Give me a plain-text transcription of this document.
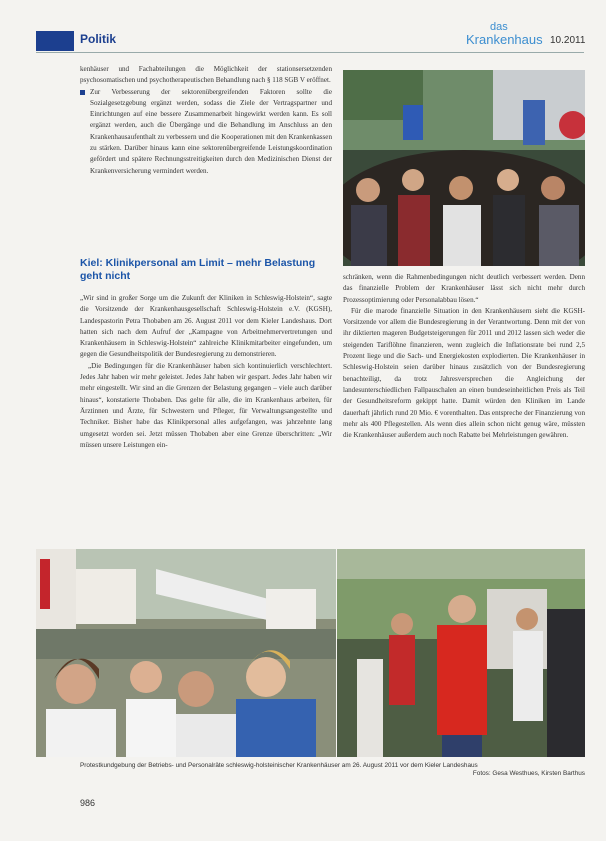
Politik
das
Krankenhaus 10.2011

kenhäuser und Fachabteilungen die Möglichkeit der stationsersetzenden psychosomatischen und psychotherapeutischen Behandlung nach § 118 SGB V eröffnet.

Zur Verbesserung der sektorenübergreifenden Faktoren sollte die Sozialgesetzgebung ergänzt werden, sodass die Ziele der Vertragspartner und Einrichtungen auf eine bessere Zusammenarbeit hingewirkt werden kann. Es soll ergänzt werden, auch die Übergänge und die Behandlung im Anschluss an den Krankenhausaufenthalt zu verbessern und die Kooperationen mit den Krankenkassen zu stärken. Darüber hinaus kann eine sektorenübergreifende Leistungskoordination gefördert und spätere Rechnungsstreitigkeiten durch den Medizinischen Dienst der Krankenversicherung vermindert werden.

Kiel: Klinikpersonal am Limit – mehr Belastung geht nicht

„Wir sind in großer Sorge um die Zukunft der Kliniken in Schleswig-Holstein“, sagte die Vorsitzende der Krankenhausgesellschaft Schleswig-Holstein e.V. (KGSH), Landespastorin Petra Thobaben am 26. August 2011 vor dem Kieler Landeshaus. Dort hatten sich nach dem Aufruf der „Kampagne von Arbeitnehmervertretungen und Krankenhäusern in Schleswig-Holstein“ zahlreiche Klinikmitarbeiter eingefunden, um gegen die Gesundheitspolitik der Bundesregierung zu demonstrieren.

„Die Bedingungen für die Krankenhäuser haben sich kontinuierlich verschlechtert. Jedes Jahr haben wir mehr geleistet. Jedes Jahr haben wir gespart. Jedes Jahr haben wir mehr eingestellt. Wir sind an die Grenzen der Belastung gegangen – viele auch darüber hinaus“, konstatierte Thobaben. Das gelte für alle, die im Krankenhaus arbeiten, für Ärztinnen und Ärzte, für Schwestern und Pfleger, für Verwaltungsangestellte und Techniker. Bisher habe das Klinikpersonal alles aufgefangen, was jahrzehnte lang umgesetzt worden sei. Jetzt müssen Thobaben aber eine Grenze überschritten: „Wir müssen unsere Leistungen ein-

schränken, wenn die Rahmenbedingungen nicht deutlich verbessert werden. Denn das finanzielle Problem der Krankenhäuser lässt sich nicht mehr durch Prozessoptimierung oder Personalabbau lösen.“

Für die marode finanzielle Situation in den Krankenhäusern sieht die KGSH-Vorsitzende vor allem die Bundesregierung in der Verantwortung. Denn mit der von ihr diktierten mageren Budgetsteigerungen für 2011 und 2012 lassen sich weder die steigenden Tariflöhne finanzieren, wenn zugleich die Inflationsrate bei rund 2,5 Prozent liege und die Sach- und Energiekosten explodierten. Die Krankenhäuser in Schleswig-Holstein seien darüber hinaus zusätzlich von der Bundesregierung benachteiligt, da trotz Jahresversprechen die Angleichung der landesunterschiedlichen Fallpauschalen an einen bundeseinheitlichen Preis als Teil der Gesundheitsreform gekippt hatte. Damit würden den Kliniken im Lande dauerhaft jährlich rund 20 Mio. € vorenthalten. Das entspreche der Finanzierung von mehr als 400 Pflegestellen. Als wenn dies allein schon nicht genug wäre, müssten die Krankenhäuser außerdem auch noch Rabatte bei Mehrleistungen gewähren.

Protestkundgebung der Betriebs- und Personalräte schleswig-holsteinischer Krankenhäuser am 26. August 2011 vor dem Kieler Landeshaus
Fotos: Gesa Westhues, Kirsten Barthus
986
